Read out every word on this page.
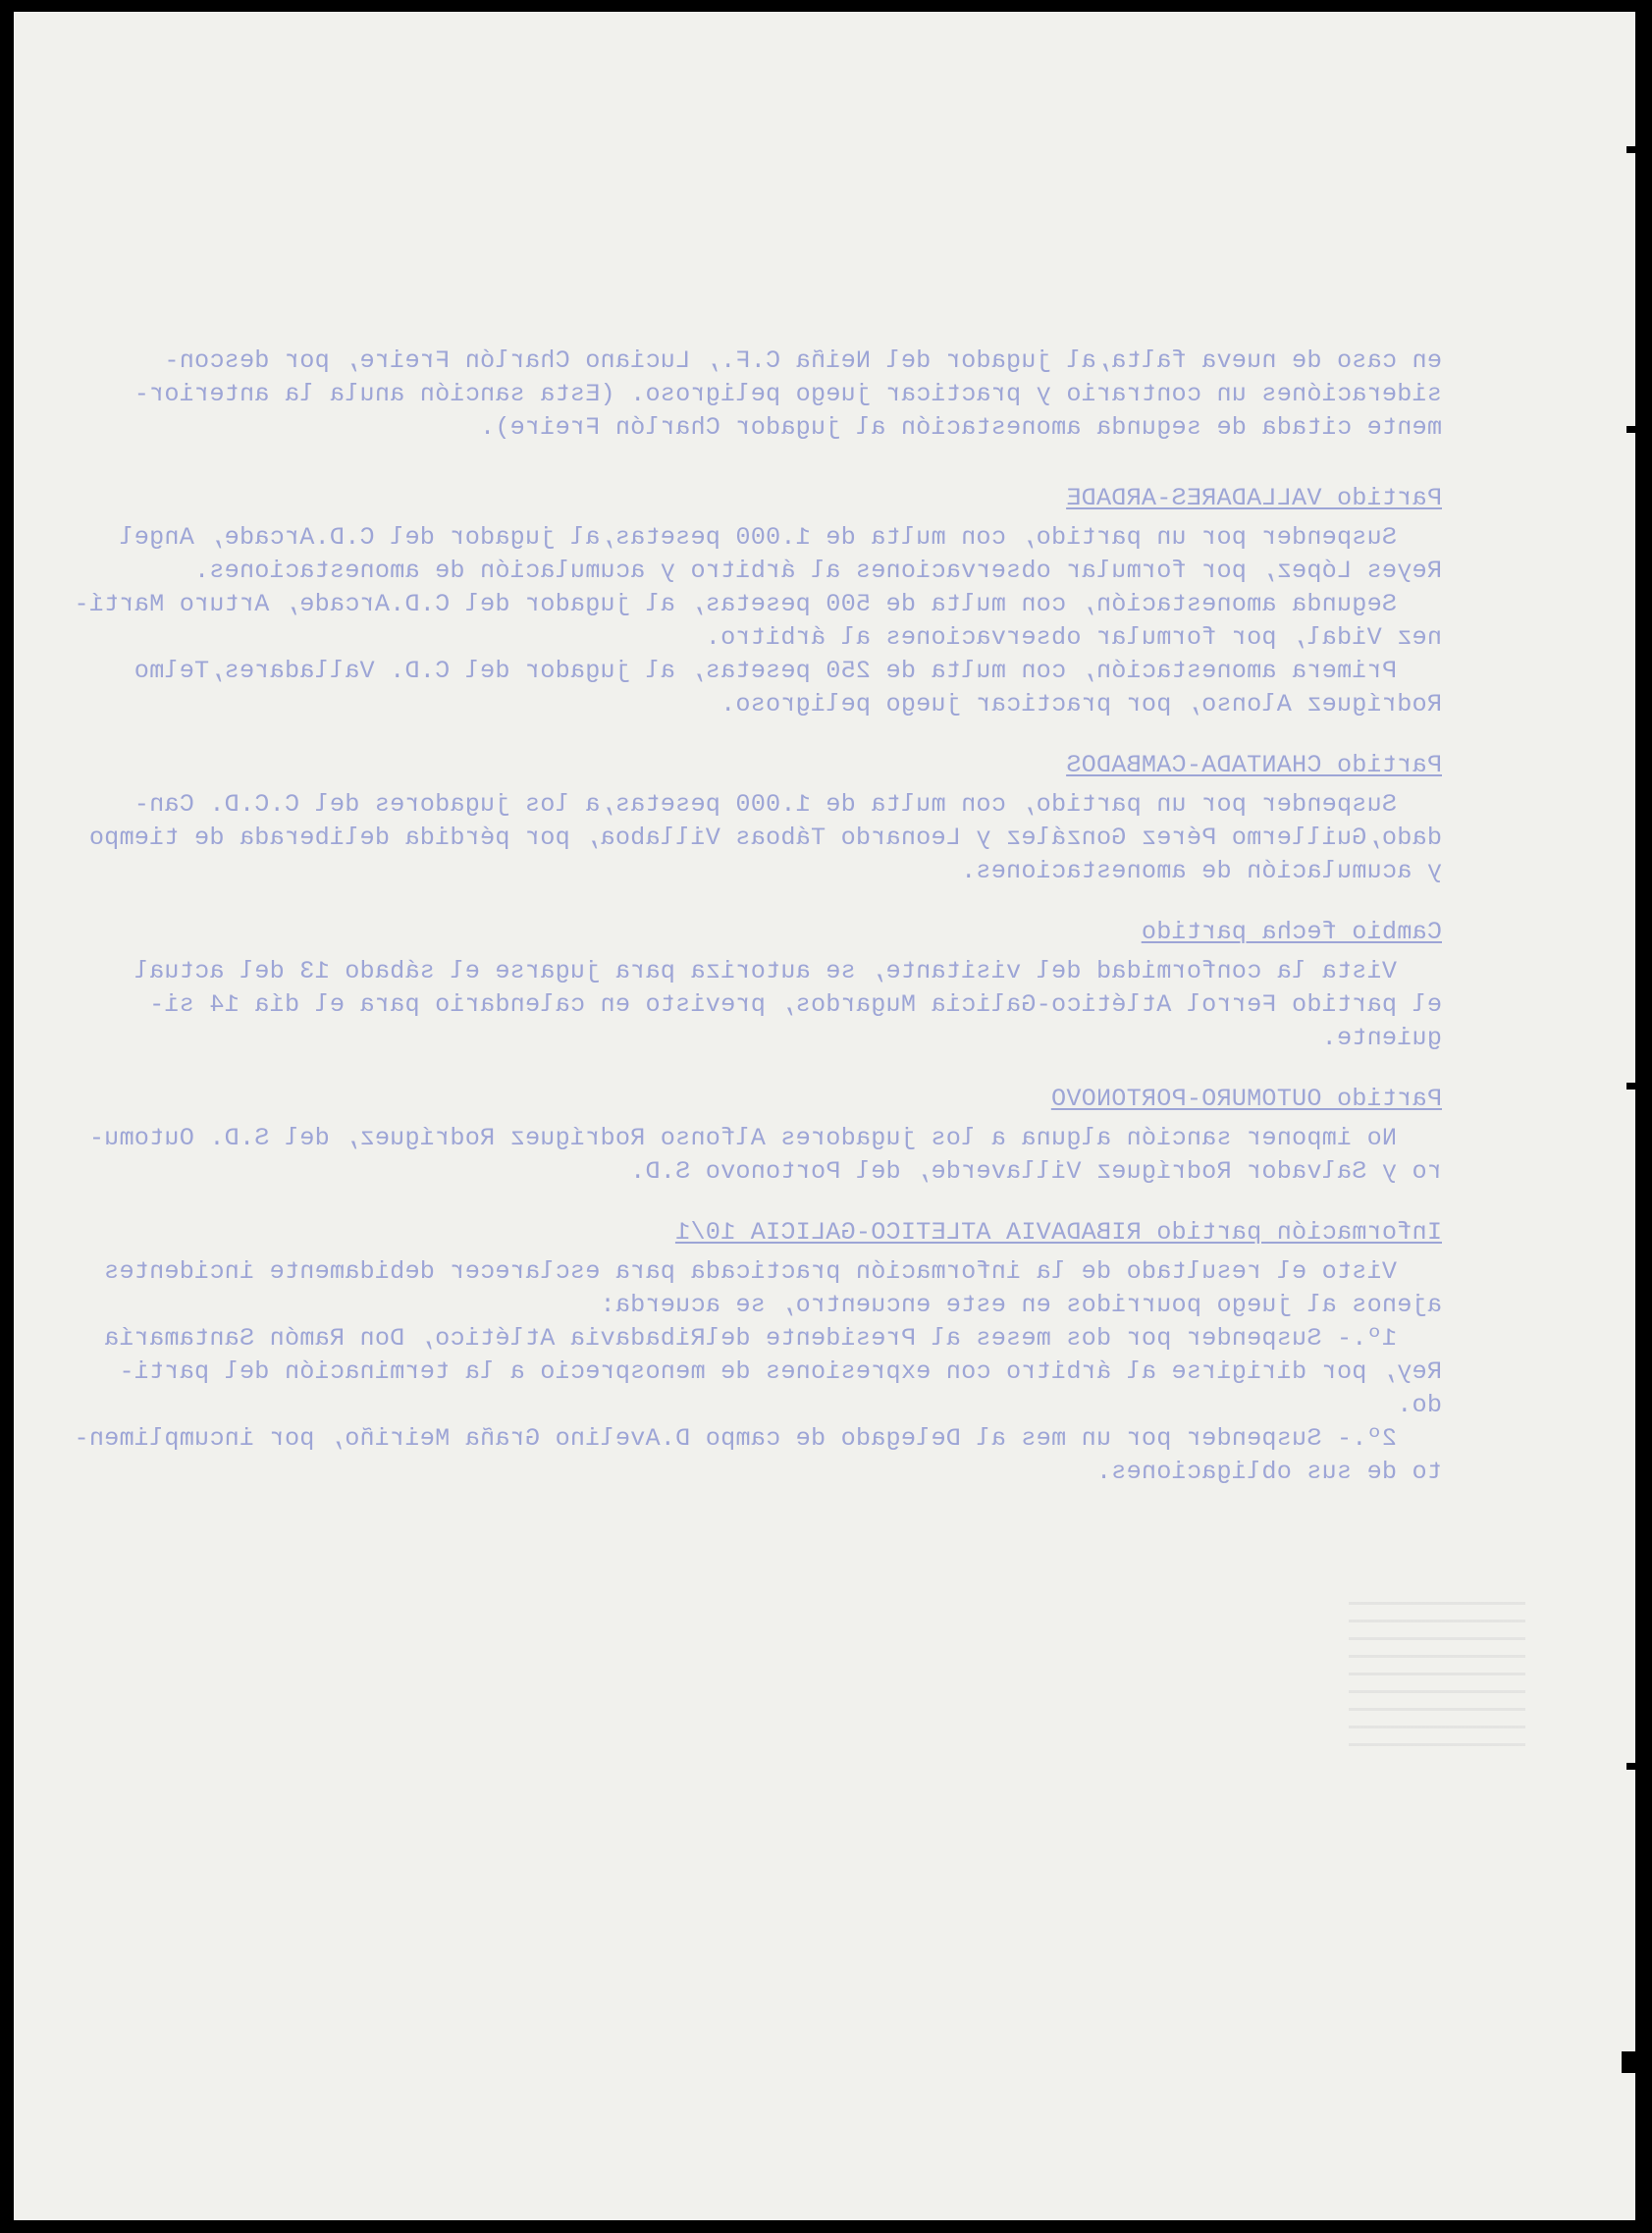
en caso de nueva falta,al jugador del Neiña C.F., Luciano Charlón Freire, por descon-
sideraciónes un contrario y practicar juego peligroso. (Esta sanción anula la anterior-
mente citada de segunda amonestación al jugador Charlón Freire).
Partido VALLADARES-ARDADE
Suspender por un partido, con multa de 1.000 pesetas,al jugador del C.D.Arcade, Angel
Reyes López, por formular observaciones al árbitro y acumulación de amonestaciones.
Segunda amonestación, con multa de 500 pesetas, al jugador del C.D.Arcade, Arturo Martí-
nez Vidal, por formular observaciones al árbitro.
Primera amonestación, con multa de 250 pesetas, al jugador del C.D. Valladares,Telmo
Rodríguez Alonso, por practicar juego peligroso.
Partido CHANTADA-CAMBADOS
Suspender por un partido, con multa de 1.000 pesetas,a los jugadores del C.C.D. Can-
dado,Guillermo Pérez González y Leonardo Táboas Villaboa, por pérdida deliberada de tiempo
y acumulación de amonestaciones.
Cambio fecha partido
Vista la conformidad del visitante, se autoriza para jugarse el sábado 13 del actual
el partido Ferrol Atlético-Galicia Mugardos, previsto en calendario para el día 14 si-
guiente.
Partido OUTOMURO-PORTONOVO
No imponer sanción alguna a los jugadores Alfonso Rodríguez Rodríguez, del S.D. Outomu-
ro y Salvador Rodríguez Villaverde, del Portonovo S.D.
Información partido RIBADAVIA ATLETICO-GALICIA 10/1
Visto el resultado de la información practicada para esclarecer debidamente incidentes
ajenos al juego pourridos en este encuentro, se acuerda:
1º.- Suspender por dos meses al Presidente delRibadavia Atlético, Don Ramón Santamaría
Rey, por dirigirse al árbitro con expresiones de menosprecio a la terminación del parti-
do.
2º.- Suspender por un mes al Delegado de campo D.Avelino Graña Meiriño, por incumplimen-
to de sus obligaciones.
